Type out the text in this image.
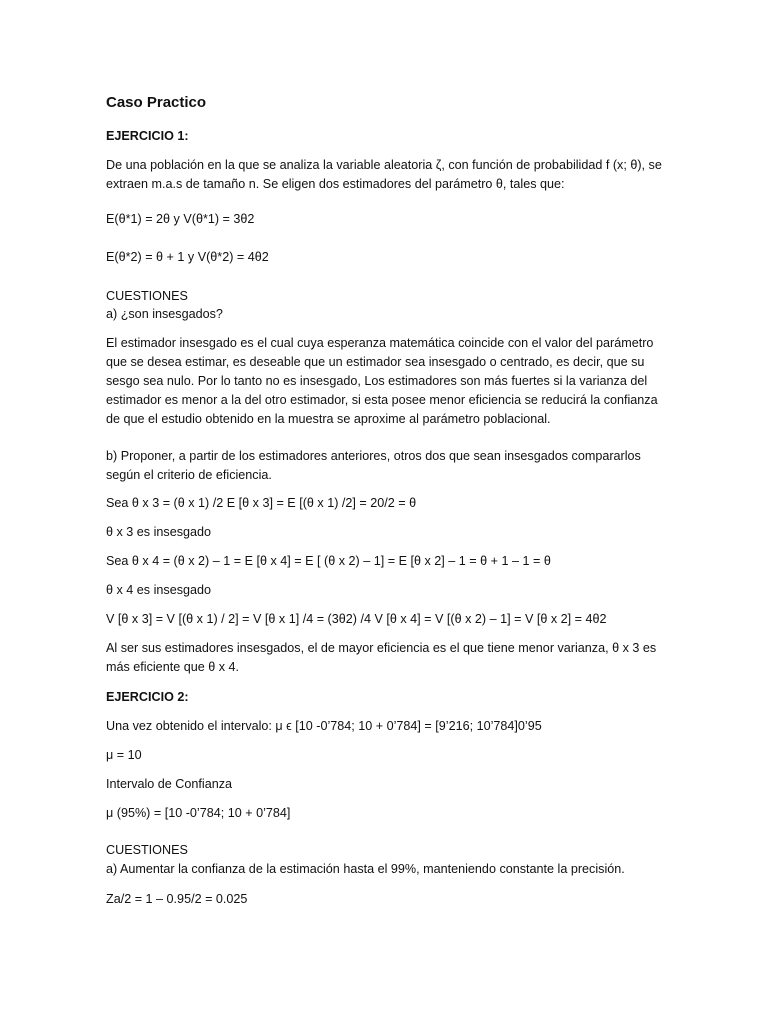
Caso Practico
EJERCICIO 1:
De una población en la que se analiza la variable aleatoria ζ, con función de probabilidad f (x; θ), se
extraen m.a.s de tamaño n. Se eligen dos estimadores del parámetro θ, tales que:
E(θ*1) = 2θ y V(θ*1) = 3θ2
E(θ*2) = θ + 1 y V(θ*2) = 4θ2
CUESTIONES
a) ¿son insesgados?
El estimador insesgado es el cual cuya esperanza matemática coincide con el valor del parámetro
que se desea estimar, es deseable que un estimador sea insesgado o centrado, es decir, que su
sesgo sea nulo. Por lo tanto no es insesgado, Los estimadores son más fuertes si la varianza del
estimador es menor a la del otro estimador, si esta posee menor eficiencia se reducirá la confianza
de que el estudio obtenido en la muestra se aproxime al parámetro poblacional.
b) Proponer, a partir de los estimadores anteriores, otros dos que sean insesgados compararlos
según el criterio de eficiencia.
Sea θ x 3 = (θ x 1) /2 E [θ x 3] = E [(θ x 1) /2] = 20/2 = θ
θ x 3 es insesgado
Sea θ x 4 = (θ x 2) – 1 = E [θ x 4] = E [ (θ x 2) – 1] = E [θ x 2] – 1 = θ + 1 – 1 = θ
θ x 4 es insesgado
V [θ x 3] = V [(θ x 1) / 2] = V [θ x 1] /4 = (3θ2) /4 V [θ x 4] = V [(θ x 2) – 1] = V [θ x 2] = 4θ2
Al ser sus estimadores insesgados, el de mayor eficiencia es el que tiene menor varianza, θ x 3 es
más eficiente que θ x 4.
EJERCICIO 2:
Una vez obtenido el intervalo: μ ϵ [10 -0’784; 10 + 0’784] = [9’216; 10’784]0’95
μ = 10
Intervalo de Confianza
μ (95%) = [10 -0’784; 10 + 0’784]
CUESTIONES
a) Aumentar la confianza de la estimación hasta el 99%, manteniendo constante la precisión.
Za/2 = 1 – 0.95/2 = 0.025
